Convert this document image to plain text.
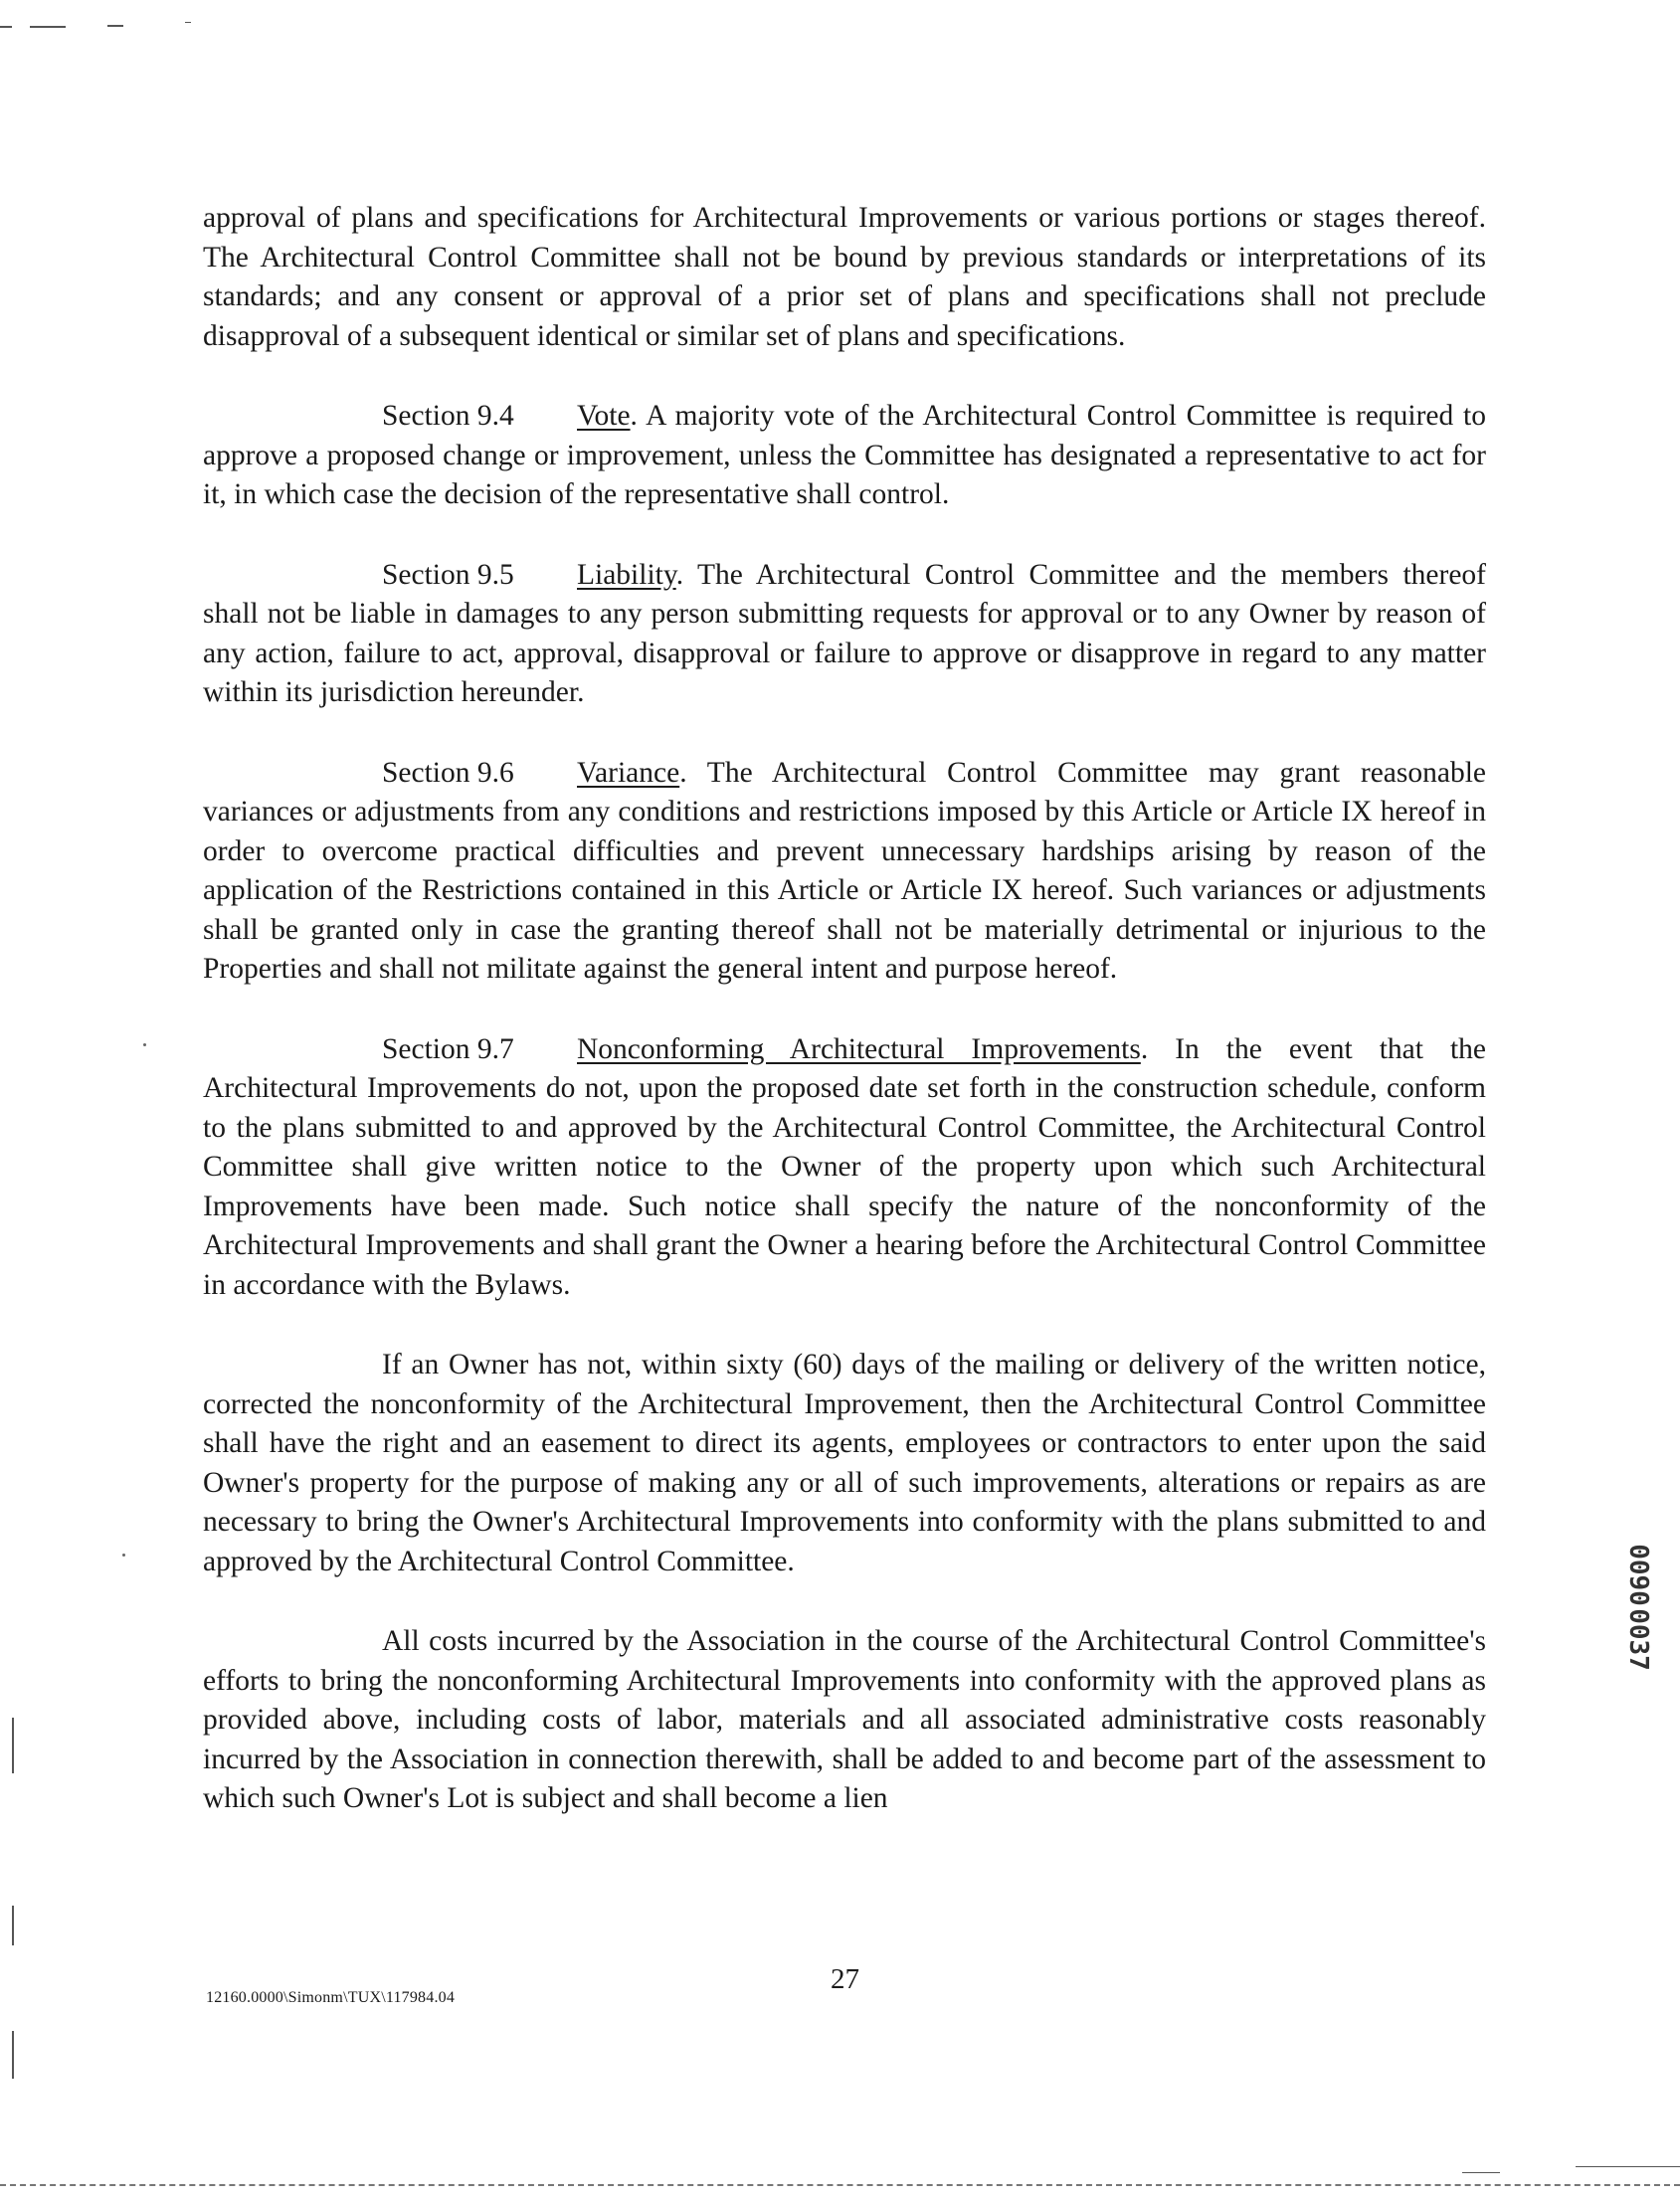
approval of plans and specifications for Architectural Improvements or various portions or stages thereof. The Architectural Control Committee shall not be bound by previous standards or interpretations of its standards; and any consent or approval of a prior set of plans and specifications shall not preclude disapproval of a subsequent identical or similar set of plans and specifications.

Section 9.4 Vote. A majority vote of the Architectural Control Committee is required to approve a proposed change or improvement, unless the Committee has designated a representative to act for it, in which case the decision of the representative shall control.

Section 9.5 Liability. The Architectural Control Committee and the members thereof shall not be liable in damages to any person submitting requests for approval or to any Owner by reason of any action, failure to act, approval, disapproval or failure to approve or disapprove in regard to any matter within its jurisdiction hereunder.

Section 9.6 Variance. The Architectural Control Committee may grant reasonable variances or adjustments from any conditions and restrictions imposed by this Article or Article IX hereof in order to overcome practical difficulties and prevent unnecessary hardships arising by reason of the application of the Restrictions contained in this Article or Article IX hereof. Such variances or adjustments shall be granted only in case the granting thereof shall not be materially detrimental or injurious to the Properties and shall not militate against the general intent and purpose hereof.

Section 9.7 Nonconforming Architectural Improvements. In the event that the Architectural Improvements do not, upon the proposed date set forth in the construction schedule, conform to the plans submitted to and approved by the Architectural Control Committee, the Architectural Control Committee shall give written notice to the Owner of the property upon which such Architectural Improvements have been made. Such notice shall specify the nature of the nonconformity of the Architectural Improvements and shall grant the Owner a hearing before the Architectural Control Committee in accordance with the Bylaws.

If an Owner has not, within sixty (60) days of the mailing or delivery of the written notice, corrected the nonconformity of the Architectural Improvement, then the Architectural Control Committee shall have the right and an easement to direct its agents, employees or contractors to enter upon the said Owner's property for the purpose of making any or all of such improvements, alterations or repairs as are necessary to bring the Owner's Architectural Improvements into conformity with the plans submitted to and approved by the Architectural Control Committee.

All costs incurred by the Association in the course of the Architectural Control Committee's efforts to bring the nonconforming Architectural Improvements into conformity with the approved plans as provided above, including costs of labor, materials and all associated administrative costs reasonably incurred by the Association in connection therewith, shall be added to and become part of the assessment to which such Owner's Lot is subject and shall become a lien

27
12160.0000\Simonm\TUX\117984.04
0090
0037
